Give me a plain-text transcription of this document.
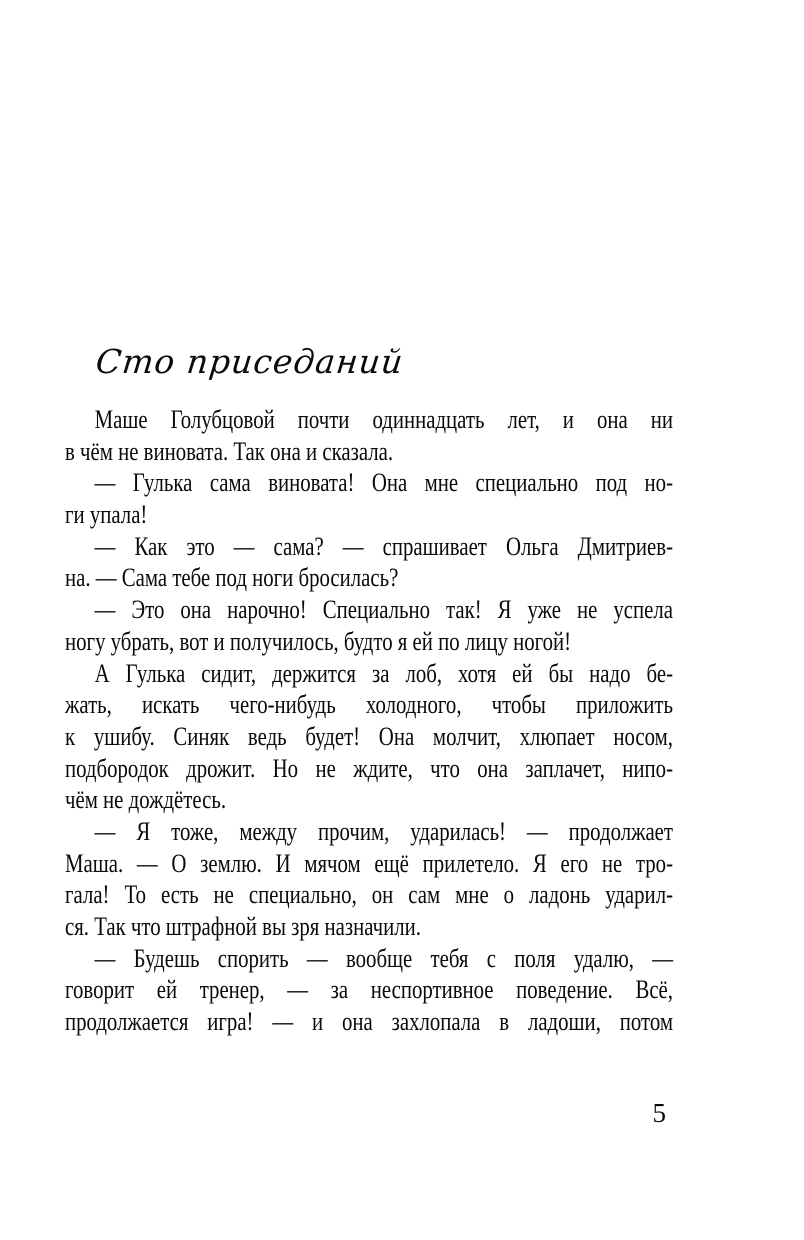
Сто приседаний
Маше Голубцовой почти одиннадцать лет, и она ни
в чём не виновата. Так она и сказала.
— Гулька сама виновата! Она мне специально под но-
ги упала!
— Как это — сама? — спрашивает Ольга Дмитриев-
на. — Сама тебе под ноги бросилась?
— Это она нарочно! Специально так! Я уже не успела
ногу убрать, вот и получилось, будто я ей по лицу ногой!
А Гулька сидит, держится за лоб, хотя ей бы надо бе-
жать, искать чего-нибудь холодного, чтобы приложить
к ушибу. Синяк ведь будет! Она молчит, хлюпает носом,
подбородок дрожит. Но не ждите, что она заплачет, нипо-
чём не дождётесь.
— Я тоже, между прочим, ударилась! — продолжает
Маша. — О землю. И мячом ещё прилетело. Я его не тро-
гала! То есть не специально, он сам мне о ладонь ударил-
ся. Так что штрафной вы зря назначили.
— Будешь спорить — вообще тебя с поля удалю, —
говорит ей тренер, — за неспортивное поведение. Всё,
продолжается игра! — и она захлопала в ладоши, потом
5
